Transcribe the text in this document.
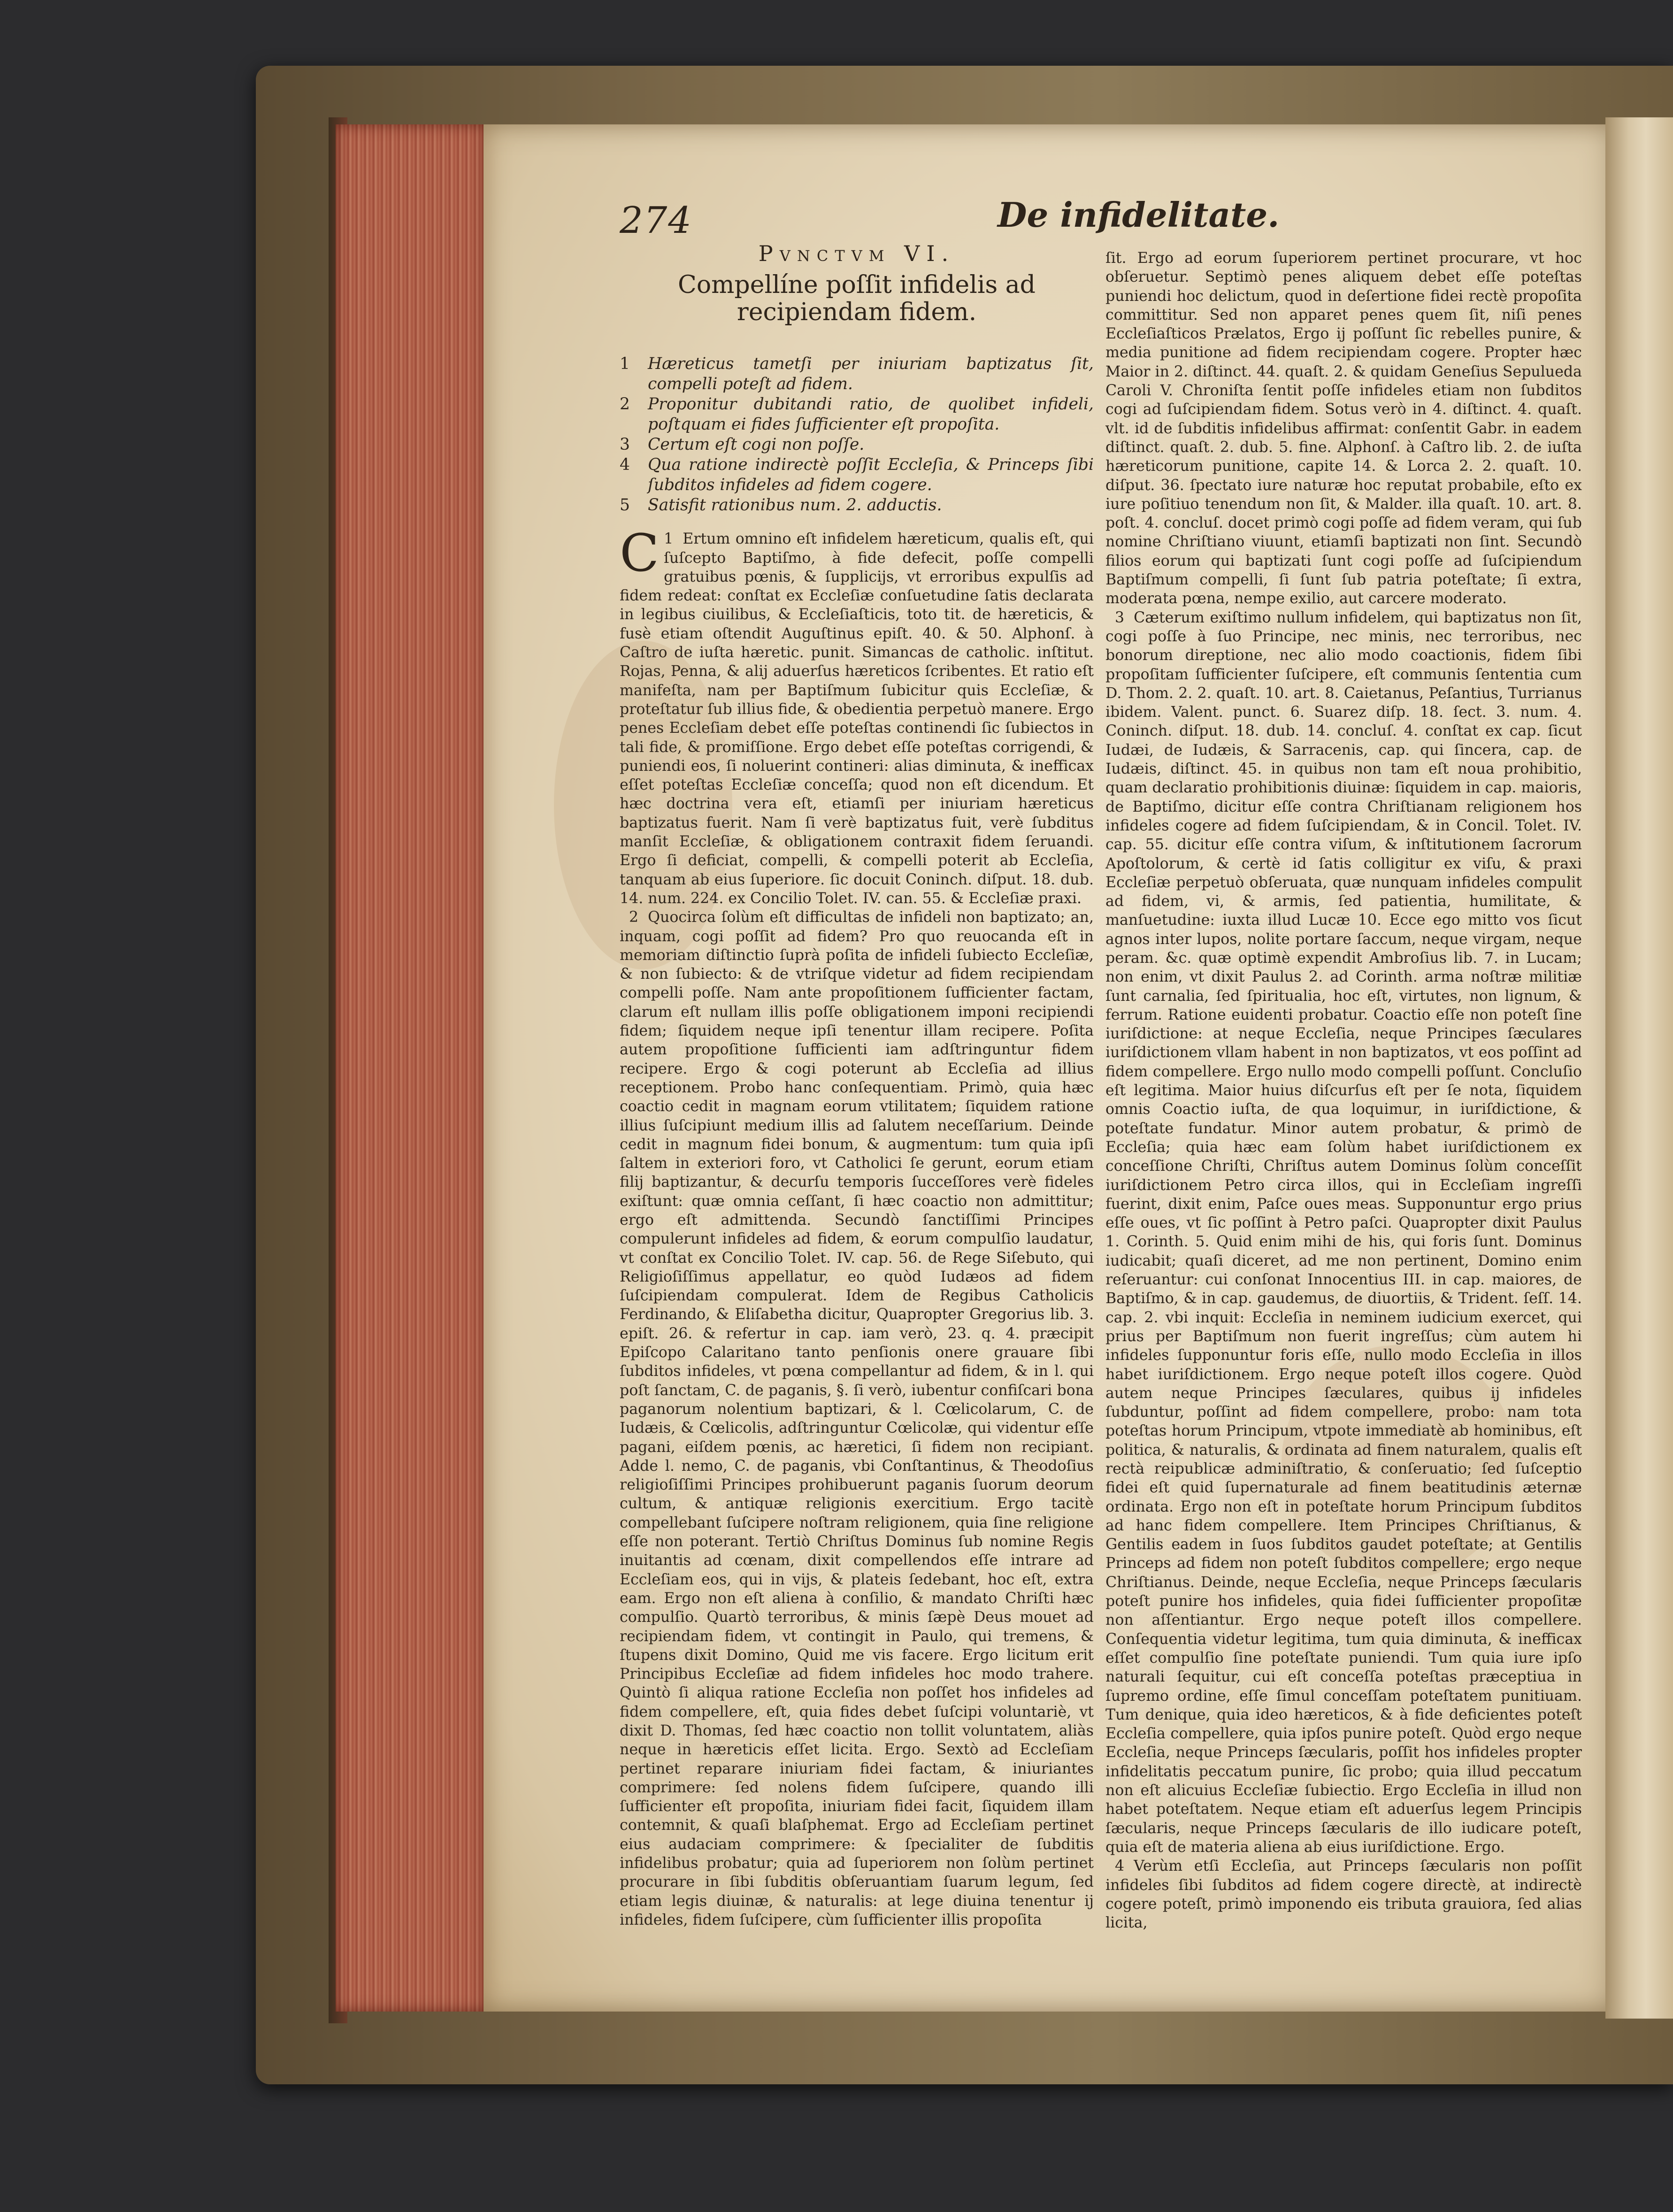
274	De infidelitate.

Pvnctvm VI.

Compellíne poſſit infidelis ad recipiendam fidem.

1 Hæreticus tametſi per iniuriam baptizatus ſit, compelli poteſt ad fidem.
2 Proponitur dubitandi ratio, de quolibet infideli, poſtquam ei fides ſufficienter eſt propoſita.
3 Certum eſt cogi non poſſe.
4 Qua ratione indirectè poſſit Eccleſia, & Princeps ſibi ſubditos infideles ad fidem cogere.
5 Satisfit rationibus num. 2. adductis.

1
C Ertum omnino eſt infidelem hæreticum, qualis eſt, qui ſuſcepto Baptiſmo, à fide defecit, poſſe compelli gratuibus pœnis, & ſupplicijs, vt erroribus expulſis ad fidem redeat: conſtat ex Eccleſiæ conſuetudine ſatis declarata in legibus ciuilibus, & Eccleſiaſticis, toto tit. de hæreticis, & fusè etiam oſtendit Auguſtinus epiſt. 40. & 50. Alphonſ. à Caſtro de iuſta hæretic. punit. Simancas de catholic. inſtitut. Rojas, Penna, & alij aduerſus hæreticos ſcribentes. Et ratio eſt manifeſta, nam per Baptiſmum ſubicitur quis Eccleſiæ, & proteſtatur ſub illius fide, & obedientia perpetuò manere. Ergo penes Eccleſiam debet eſſe poteſtas continendi ſic ſubiectos in tali fide, & promiſſione. Ergo debet eſſe poteſtas corrigendi, & puniendi eos, ſi noluerint contineri: alias diminuta, & inefficax eſſet poteſtas Eccleſiæ conceſſa; quod non eſt dicendum. Et hæc doctrina vera eſt, etiamſi per iniuriam hæreticus baptizatus fuerit. Nam ſi verè baptizatus fuit, verè ſubditus manſit Eccleſiæ, & obligationem contraxit fidem ſeruandi. Ergo ſi deficiat, compelli, & compelli poterit ab Eccleſia, tanquam ab eius ſuperiore. ſic docuit Coninch. diſput. 18. dub. 14. num. 224. ex Concilio Tolet. IV. can. 55. & Eccleſiæ praxi.

2 Quocirca ſolùm eſt difficultas de infideli non baptizato; an, inquam, cogi poſſit ad fidem? Pro quo reuocanda eſt in memoriam diſtinctio ſuprà poſita de infideli ſubiecto Eccleſiæ, & non ſubiecto: & de vtriſque videtur ad fidem recipiendam compelli poſſe. Nam ante propoſitionem ſufficienter factam, clarum eſt nullam illis poſſe obligationem imponi recipiendi fidem; ſiquidem neque ipſi tenentur illam recipere. Poſita autem propoſitione ſufficienti iam adſtringuntur fidem recipere. Ergo & cogi poterunt ab Eccleſia ad illius receptionem. Probo hanc conſequentiam. Primò, quia hæc coactio cedit in magnam eorum vtilitatem; ſiquidem ratione illius ſuſcipiunt medium illis ad ſalutem neceſſarium. Deinde cedit in magnum fidei bonum, & augmentum: tum quia ipſi ſaltem in exteriori foro, vt Catholici ſe gerunt, eorum etiam filij baptizantur, & decurſu temporis ſucceſſores verè fideles exiſtunt: quæ omnia ceſſant, ſi hæc coactio non admittitur; ergo eſt admittenda. Secundò ſanctiſſimi Principes compulerunt infideles ad fidem, & eorum compulſio laudatur, vt conſtat ex Concilio Tolet. IV. cap. 56. de Rege Siſebuto, qui Religioſiſſimus appellatur, eo quòd Iudæos ad fidem ſuſcipiendam compulerat. Idem de Regibus Catholicis Ferdinando, & Eliſabetha dicitur, Quapropter Gregorius lib. 3. epiſt. 26. & refertur in cap. iam verò, 23. q. 4. præcipit Epiſcopo Calaritano tanto penſionis onere grauare ſibi ſubditos infideles, vt pœna compellantur ad fidem, & in l. qui poſt ſanctam, C. de paganis, §. ſi verò, iubentur confiſcari bona paganorum nolentium baptizari, & l. Cœlicolarum, C. de Iudæis, & Cœlicolis, adſtringuntur Cœlicolæ, qui videntur eſſe pagani, eiſdem pœnis, ac hæretici, ſi fidem non recipiant. Adde l. nemo, C. de paganis, vbi Conſtantinus, & Theodoſius religioſiſſimi Principes prohibuerunt paganis ſuorum deorum cultum, & antiquæ religionis exercitium. Ergo tacitè compellebant ſuſcipere noſtram religionem, quia ſine religione eſſe non poterant. Tertiò Chriſtus Dominus ſub nomine Regis inuitantis ad cœnam, dixit compellendos eſſe intrare ad Eccleſiam eos, qui in vijs, & plateis ſedebant, hoc eſt, extra eam. Ergo non eſt aliena à conſilio, & mandato Chriſti hæc compulſio. Quartò terroribus, & minis ſæpè Deus mouet ad recipiendam fidem, vt contingit in Paulo, qui tremens, & ſtupens dixit Domino, Quid me vis facere. Ergo licitum erit Principibus Eccleſiæ ad fidem infideles hoc modo trahere. Quintò ſi aliqua ratione Eccleſia non poſſet hos infideles ad fidem compellere, eſt, quia fides debet ſuſcipi voluntariè, vt dixit D. Thomas, ſed hæc coactio non tollit voluntatem, aliàs neque in hæreticis eſſet licita. Ergo. Sextò ad Eccleſiam pertinet reparare iniuriam fidei factam, & iniuriantes comprimere: ſed nolens fidem ſuſcipere, quando illi ſufficienter eſt propoſita, iniuriam fidei facit, ſiquidem illam contemnit, & quaſi blaſphemat. Ergo ad Eccleſiam pertinet eius audaciam comprimere: & ſpecialiter de ſubditis infidelibus probatur; quia ad ſuperiorem non ſolùm pertinet procurare in ſibi ſubditis obſeruantiam ſuarum legum, ſed etiam legis diuinæ, & naturalis: at lege diuina tenentur ij infideles, fidem ſuſcipere, cùm ſufficienter illis propoſita

ſit. Ergo ad eorum ſuperiorem pertinet procurare, vt hoc obſeruetur. Septimò penes aliquem debet eſſe poteſtas puniendi hoc delictum, quod in deſertione fidei rectè propoſita committitur. Sed non apparet penes quem ſit, niſi penes Eccleſiaſticos Prælatos, Ergo ij poſſunt ſic rebelles punire, & media punitione ad fidem recipiendam cogere. Propter hæc Maior in 2. diſtinct. 44. quaſt. 2. & quidam Geneſius Sepulueda Caroli V. Chroniſta ſentit poſſe infideles etiam non ſubditos cogi ad ſuſcipiendam fidem. Sotus verò in 4. diſtinct. 4. quaſt. vlt. id de ſubditis infidelibus affirmat: conſentit Gabr. in eadem diſtinct. quaſt. 2. dub. 5. fine. Alphonſ. à Caſtro lib. 2. de iuſta hæreticorum punitione, capite 14. & Lorca 2. 2. quaſt. 10. diſput. 36. ſpectato iure naturæ hoc reputat probabile, eſto ex iure poſitiuo tenendum non ſit, & Malder. illa quaſt. 10. art. 8. poſt. 4. concluſ. docet primò cogi poſſe ad fidem veram, qui ſub nomine Chriſtiano viuunt, etiamſi baptizati non ſint. Secundò filios eorum qui baptizati ſunt cogi poſſe ad ſuſcipiendum Baptiſmum compelli, ſi ſunt ſub patria poteſtate; ſi extra, moderata pœna, nempe exilio, aut carcere moderato.

3 Cæterum exiſtimo nullum infidelem, qui baptizatus non ſit, cogi poſſe à ſuo Principe, nec minis, nec terroribus, nec bonorum direptione, nec alio modo coactionis, fidem ſibi propoſitam ſufficienter ſuſcipere, eſt communis ſententia cum D. Thom. 2. 2. quaſt. 10. art. 8. Caietanus, Peſantius, Turrianus ibidem. Valent. punct. 6. Suarez diſp. 18. ſect. 3. num. 4. Coninch. diſput. 18. dub. 14. concluſ. 4. conſtat ex cap. ſicut Iudæi, de Iudæis, & Sarracenis, cap. qui ſincera, cap. de Iudæis, diſtinct. 45. in quibus non tam eſt noua prohibitio, quam declaratio prohibitionis diuinæ: ſiquidem in cap. maioris, de Baptiſmo, dicitur eſſe contra Chriſtianam religionem hos infideles cogere ad fidem ſuſcipiendam, & in Concil. Tolet. IV. cap. 55. dicitur eſſe contra viſum, & inſtitutionem ſacrorum Apoſtolorum, & certè id ſatis colligitur ex viſu, & praxi Eccleſiæ perpetuò obſeruata, quæ nunquam infideles compulit ad fidem, vi, & armis, ſed patientia, humilitate, & manſuetudine: iuxta illud Lucæ 10. Ecce ego mitto vos ſicut agnos inter lupos, nolite portare ſaccum, neque virgam, neque peram. &c. quæ optimè expendit Ambroſius lib. 7. in Lucam; non enim, vt dixit Paulus 2. ad Corinth. arma noſtræ militiæ ſunt carnalia, ſed ſpiritualia, hoc eſt, virtutes, non lignum, & ferrum. Ratione euidenti probatur. Coactio eſſe non poteſt ſine iuriſdictione: at neque Eccleſia, neque Principes ſæculares iuriſdictionem vllam habent in non baptizatos, vt eos poſſint ad fidem compellere. Ergo nullo modo compelli poſſunt. Concluſio eſt legitima. Maior huius diſcurſus eſt per ſe nota, ſiquidem omnis Coactio iuſta, de qua loquimur, in iuriſdictione, & poteſtate fundatur. Minor autem probatur, & primò de Eccleſia; quia hæc eam ſolùm habet iuriſdictionem ex conceſſione Chriſti, Chriſtus autem Dominus ſolùm conceſſit iuriſdictionem Petro circa illos, qui in Eccleſiam ingreſſi fuerint, dixit enim, Paſce oues meas. Supponuntur ergo prius eſſe oues, vt ſic poſſint à Petro paſci. Quapropter dixit Paulus 1. Corinth. 5. Quid enim mihi de his, qui foris ſunt. Dominus iudicabit; quaſi diceret, ad me non pertinent, Domino enim reſeruantur: cui conſonat Innocentius III. in cap. maiores, de Baptiſmo, & in cap. gaudemus, de diuortiis, & Trident. ſeſſ. 14. cap. 2. vbi inquit: Eccleſia in neminem iudicium exercet, qui prius per Baptiſmum non fuerit ingreſſus; cùm autem hi infideles ſupponuntur foris eſſe, nullo modo Eccleſia in illos habet iuriſdictionem. Ergo neque poteſt illos cogere. Quòd autem neque Principes ſæculares, quibus ij infideles ſubduntur, poſſint ad fidem compellere, probo: nam tota poteſtas horum Principum, vtpote immediatè ab hominibus, eſt politica, & naturalis, & ordinata ad finem naturalem, qualis eſt rectà reipublicæ adminiſtratio, & conſeruatio; ſed ſuſceptio fidei eſt quid ſupernaturale ad finem beatitudinis æternæ ordinata. Ergo non eſt in poteſtate horum Principum ſubditos ad hanc fidem compellere. Item Principes Chriſtianus, & Gentilis eadem in ſuos ſubditos gaudet poteſtate; at Gentilis Princeps ad fidem non poteſt ſubditos compellere; ergo neque Chriſtianus. Deinde, neque Eccleſia, neque Princeps ſæcularis poteſt punire hos infideles, quia fidei ſufficienter propoſitæ non aſſentiantur. Ergo neque poteſt illos compellere. Conſequentia videtur legitima, tum quia diminuta, & inefficax eſſet compulſio ſine poteſtate puniendi. Tum quia iure ipſo naturali ſequitur, cui eſt conceſſa poteſtas præceptiua in ſupremo ordine, eſſe ſimul conceſſam poteſtatem punitiuam. Tum denique, quia ideo hæreticos, & à fide deficientes poteſt Eccleſia compellere, quia ipſos punire poteſt. Quòd ergo neque Eccleſia, neque Princeps ſæcularis, poſſit hos infideles propter infidelitatis peccatum punire, ſic probo; quia illud peccatum non eſt alicuius Eccleſiæ ſubiectio. Ergo Eccleſia in illud non habet poteſtatem. Neque etiam eſt aduerſus legem Principis ſæcularis, neque Princeps ſæcularis de illo iudicare poteſt, quia eſt de materia aliena ab eius iuriſdictione. Ergo.

4 Verùm etſi Eccleſia, aut Princeps ſæcularis non poſſit infideles ſibi ſubditos ad fidem cogere directè, at indirectè cogere poteſt, primò imponendo eis tributa grauiora, ſed alias licita,
